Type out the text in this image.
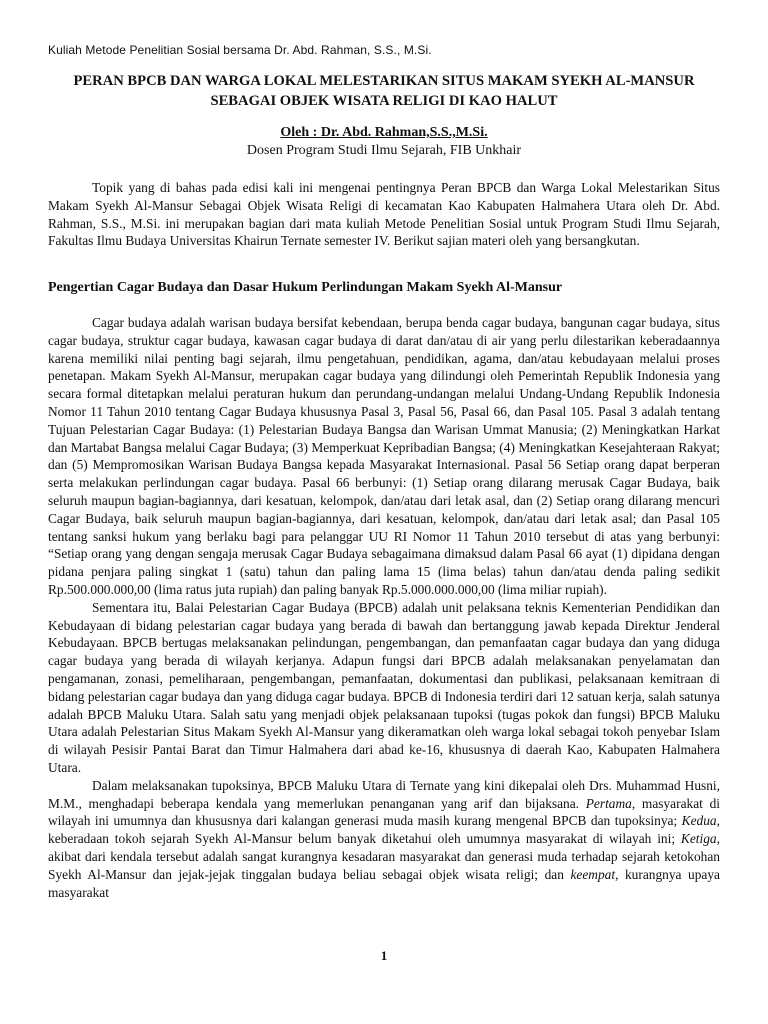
Kuliah Metode Penelitian Sosial bersama Dr. Abd. Rahman, S.S., M.Si.
PERAN BPCB DAN WARGA LOKAL MELESTARIKAN SITUS MAKAM SYEKH AL-MANSUR SEBAGAI OBJEK WISATA RELIGI DI KAO HALUT
Oleh : Dr. Abd. Rahman,S.S.,M.Si.
Dosen Program Studi Ilmu Sejarah, FIB Unkhair

Topik yang di bahas pada edisi kali ini mengenai pentingnya Peran BPCB dan Warga Lokal Melestarikan Situs Makam Syekh Al-Mansur Sebagai Objek Wisata Religi di kecamatan Kao Kabupaten Halmahera Utara oleh Dr. Abd. Rahman, S.S., M.Si. ini merupakan bagian dari mata kuliah Metode Penelitian Sosial untuk Program Studi Ilmu Sejarah, Fakultas Ilmu Budaya Universitas Khairun Ternate semester IV. Berikut sajian materi oleh yang bersangkutan.

Pengertian Cagar Budaya dan Dasar Hukum Perlindungan Makam Syekh Al-Mansur

Cagar budaya adalah warisan budaya bersifat kebendaan, berupa benda cagar budaya, bangunan cagar budaya, situs cagar budaya, struktur cagar budaya, kawasan cagar budaya di darat dan/atau di air yang perlu dilestarikan keberadaannya karena memiliki nilai penting bagi sejarah, ilmu pengetahuan, pendidikan, agama, dan/atau kebudayaan melalui proses penetapan. Makam Syekh Al-Mansur, merupakan cagar budaya yang dilindungi oleh Pemerintah Republik Indonesia yang secara formal ditetapkan melalui peraturan hukum dan perundang-undangan melalui Undang-Undang Republik Indonesia Nomor 11 Tahun 2010 tentang Cagar Budaya khususnya Pasal 3, Pasal 56, Pasal 66, dan Pasal 105. Pasal 3 adalah tentang Tujuan Pelestarian Cagar Budaya: (1) Pelestarian Budaya Bangsa dan Warisan Ummat Manusia; (2) Meningkatkan Harkat dan Martabat Bangsa melalui Cagar Budaya; (3) Memperkuat Kepribadian Bangsa; (4) Meningkatkan Kesejahteraan Rakyat; dan (5) Mempromosikan Warisan Budaya Bangsa kepada Masyarakat Internasional. Pasal 56 Setiap orang dapat berperan serta melakukan perlindungan cagar budaya. Pasal 66 berbunyi: (1) Setiap orang dilarang merusak Cagar Budaya, baik seluruh maupun bagian-bagiannya, dari kesatuan, kelompok, dan/atau dari letak asal, dan (2) Setiap orang dilarang mencuri Cagar Budaya, baik seluruh maupun bagian-bagiannya, dari kesatuan, kelompok, dan/atau dari letak asal; dan Pasal 105 tentang sanksi hukum yang berlaku bagi para pelanggar UU RI Nomor 11 Tahun 2010 tersebut di atas yang berbunyi: “Setiap orang yang dengan sengaja merusak Cagar Budaya sebagaimana dimaksud dalam Pasal 66 ayat (1) dipidana dengan pidana penjara paling singkat 1 (satu) tahun dan paling lama 15 (lima belas) tahun dan/atau denda paling sedikit Rp.500.000.000,00 (lima ratus juta rupiah) dan paling banyak Rp.5.000.000.000,00 (lima miliar rupiah).

Sementara itu, Balai Pelestarian Cagar Budaya (BPCB) adalah unit pelaksana teknis Kementerian Pendidikan dan Kebudayaan di bidang pelestarian cagar budaya yang berada di bawah dan bertanggung jawab kepada Direktur Jenderal Kebudayaan. BPCB bertugas melaksanakan pelindungan, pengembangan, dan pemanfaatan cagar budaya dan yang diduga cagar budaya yang berada di wilayah kerjanya. Adapun fungsi dari BPCB adalah melaksanakan penyelamatan dan pengamanan, zonasi, pemeliharaan, pengembangan, pemanfaatan, dokumentasi dan publikasi, pelaksanaan kemitraan di bidang pelestarian cagar budaya dan yang diduga cagar budaya. BPCB di Indonesia terdiri dari 12 satuan kerja, salah satunya adalah BPCB Maluku Utara. Salah satu yang menjadi objek pelaksanaan tupoksi (tugas pokok dan fungsi) BPCB Maluku Utara adalah Pelestarian Situs Makam Syekh Al-Mansur yang dikeramatkan oleh warga lokal sebagai tokoh penyebar Islam di wilayah Pesisir Pantai Barat dan Timur Halmahera dari abad ke-16, khususnya di daerah Kao, Kabupaten Halmahera Utara.

Dalam melaksanakan tupoksinya, BPCB Maluku Utara di Ternate yang kini dikepalai oleh Drs. Muhammad Husni, M.M., menghadapi beberapa kendala yang memerlukan penanganan yang arif dan bijaksana. Pertama, masyarakat di wilayah ini umumnya dan khususnya dari kalangan generasi muda masih kurang mengenal BPCB dan tupoksinya; Kedua, keberadaan tokoh sejarah Syekh Al-Mansur belum banyak diketahui oleh umumnya masyarakat di wilayah ini; Ketiga, akibat dari kendala tersebut adalah sangat kurangnya kesadaran masyarakat dan generasi muda terhadap sejarah ketokohan Syekh Al-Mansur dan jejak-jejak tinggalan budaya beliau sebagai objek wisata religi; dan keempat, kurangnya upaya masyarakat

1
